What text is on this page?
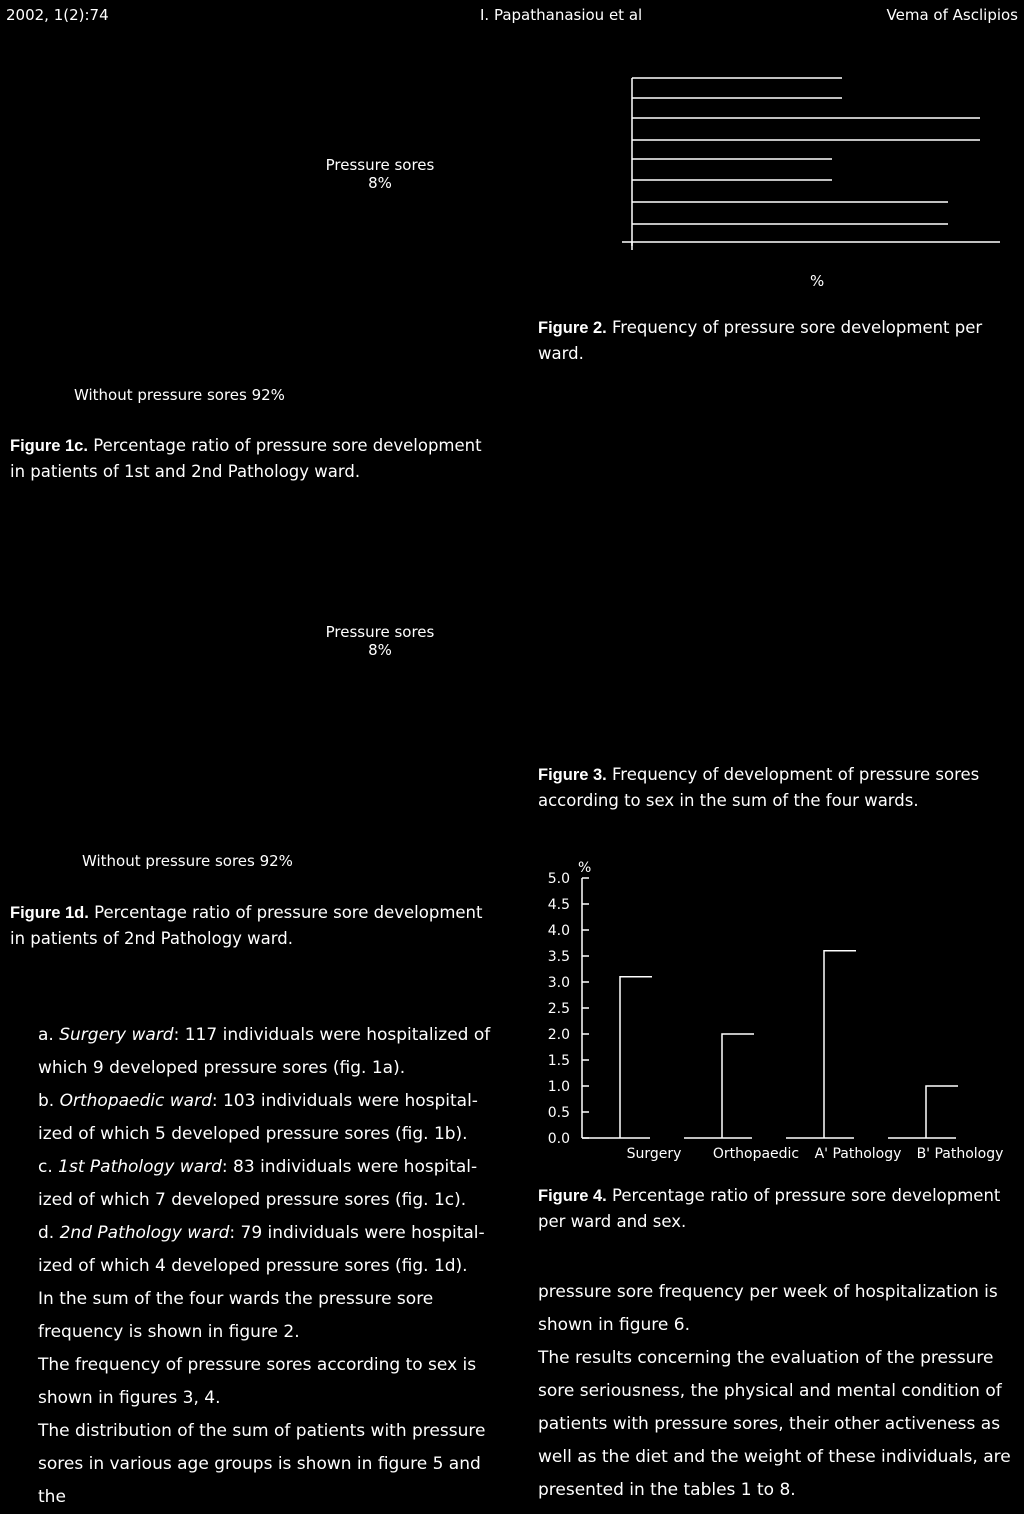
2002, 1(2):74	I. Papathanasiou et al	Vema of Asclipios
Pressure sores
8%
Without pressure sores 92%
Figure 1c. Percentage ratio of pressure sore development in patients of 1st and 2nd Pathology ward.
%
Figure 2. Frequency of pressure sore development per ward.
Pressure sores
8%
Without pressure sores 92%
Figure 1d. Percentage ratio of pressure sore development in patients of 2nd Pathology ward.
Figure 3. Frequency of development of pressure sores according to sex in the sum of the four wards.
%
0.0
0.5
1.0
1.5
2.0
2.5
3.0
3.5
4.0
4.5
5.0
Surgery Orthopaedic A' Pathology B' Pathology
Figure 4. Percentage ratio of pressure sore development per ward and sex.

a. Surgery ward: 117 individuals were hospitalized of
which 9 developed pressure sores (fig. 1a).

b. Orthopaedic ward: 103 individuals were hospital-
ized of which 5 developed pressure sores (fig. 1b).

c. 1st Pathology ward: 83 individuals were hospital-
ized of which 7 developed pressure sores (fig. 1c).

d. 2nd Pathology ward: 79 individuals were hospital-
ized of which 4 developed pressure sores (fig. 1d).

In the sum of the four wards the pressure sore frequency is shown in figure 2.

The frequency of pressure sores according to sex is shown in figures 3, 4.

The distribution of the sum of patients with pressure sores in various age groups is shown in figure 5 and the

pressure sore frequency per week of hospitalization is shown in figure 6.

The results concerning the evaluation of the pressure sore seriousness, the physical and mental condition of patients with pressure sores, their other activeness as well as the diet and the weight of these individuals, are presented in the tables 1 to 8.
